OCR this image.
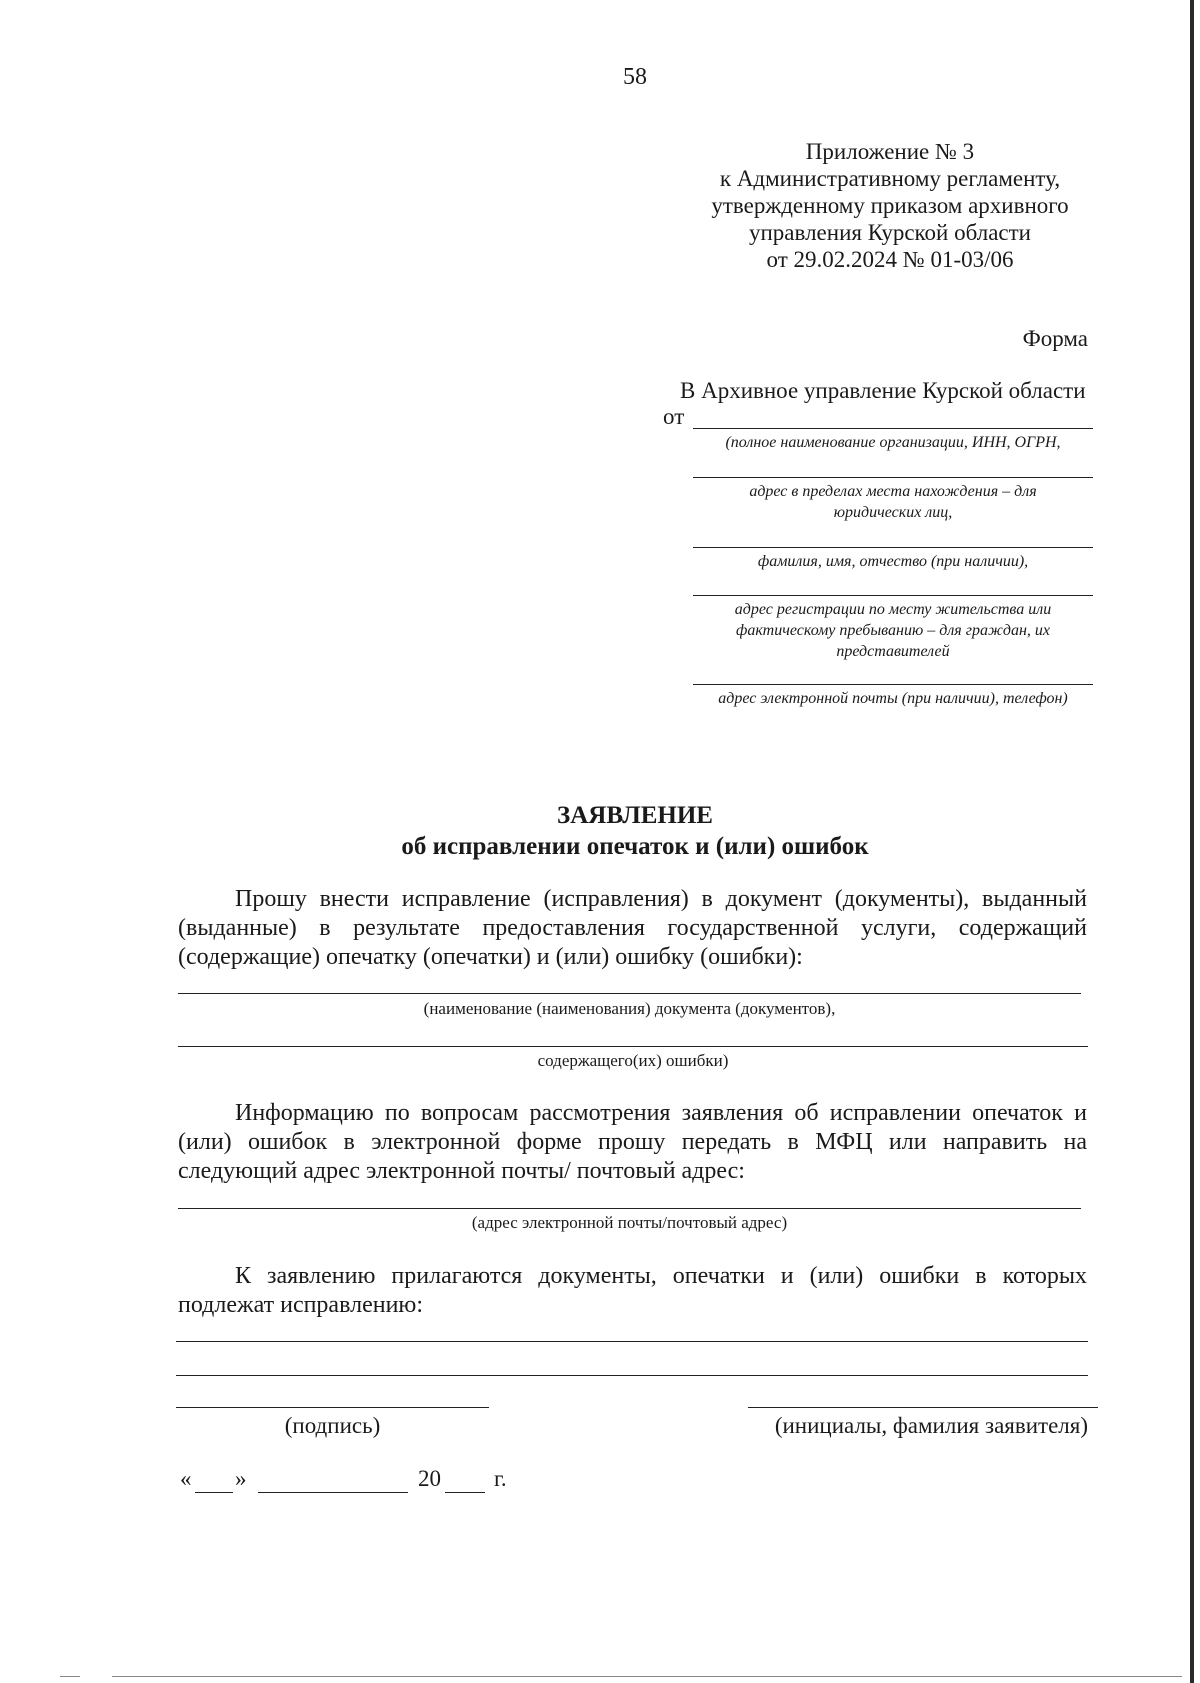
58
Приложение № 3
к Административному регламенту,
утвержденному приказом архивного
управления Курской области
от 29.02.2024 № 01-03/06
Форма
В Архивное управление Курской области
от
(полное наименование организации, ИНН, ОГРН,
адрес в пределах места нахождения – для юридических лиц,
фамилия, имя, отчество (при наличии),
адрес регистрации по месту жительства или фактическому пребыванию – для граждан, их представителей
адрес электронной почты (при наличии), телефон)
ЗАЯВЛЕНИЕ
об исправлении опечаток и (или) ошибок
Прошу внести исправление (исправления) в документ (документы), выданный (выданные) в результате предоставления государственной услуги, содержащий (содержащие) опечатку (опечатки) и (или) ошибку (ошибки):
(наименование (наименования) документа (документов),
содержащего(их) ошибки)
Информацию по вопросам рассмотрения заявления об исправлении опечаток и (или) ошибок в электронной форме прошу передать в МФЦ или направить на следующий адрес электронной почты/ почтовый адрес:
(адрес электронной почты/почтовый адрес)
К заявлению прилагаются документы, опечатки и (или) ошибки в которых подлежат исправлению:
(подпись)	(инициалы, фамилия заявителя)
« »	20 г.
